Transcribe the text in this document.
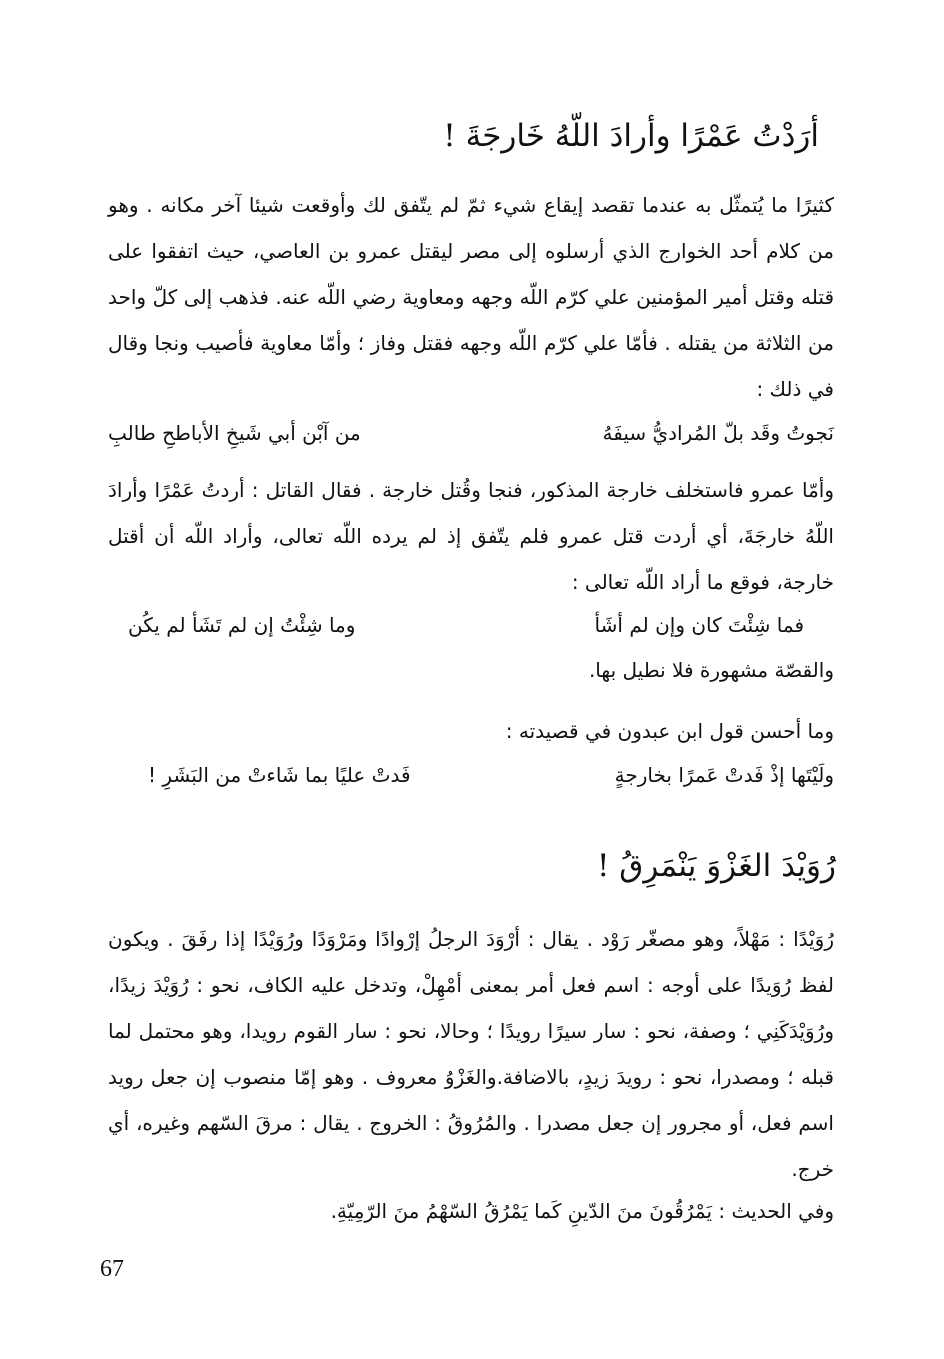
أرَدْتُ عَمْرًا وأرادَ اللّهُ خَارجَةَ !
كثيرًا ما يُتمثّل به عندما تقصد إيقاع شيء ثمّ لم يتّفق لك وأوقعت شيئا آخر مكانه . وهو من كلام أحد الخوارج الذي أرسلوه إلى مصر ليقتل عمرو بن العاصي، حيث اتفقوا على قتله وقتل أمير المؤمنين علي كرّم اللّه وجهه ومعاوية رضي اللّه عنه. فذهب إلى كلّ واحد من الثلاثة من يقتله . فأمّا علي كرّم اللّه وجهه فقتل وفاز ؛ وأمّا معاوية فأصيب ونجا وقال في ذلك :
نَجوتُ وقَد بلّ المُراديُّ سيفَهُ
من آبْن أبي شَيخِ الأباطحِ طالبِ
وأمّا عمرو فاستخلف خارجة المذكور، فنجا وقُتل خارجة . فقال القاتل : أردتُ عَمْرًا وأرادَ اللّهُ خارجَةَ، أي أردت قتل عمرو فلم يتّفق إذ لم يرده اللّه تعالى، وأراد اللّه أن أقتل خارجة، فوقع ما أراد اللّه تعالى :
فما شِئْتَ كان وإن لم أشَأ
وما شِئْتُ إن لم تَشَأ لم يكُن
والقصّة مشهورة فلا نطيل بها.
وما أحسن قول ابن عبدون في قصيدته :
ولَيْتَها إذْ فَدتْ عَمرًا بخارجةٍ
فَدتْ عليًا بما شَاءتْ من البَشَرِ !
رُوَيْدَ الغَزْوَ يَنْمَرِقُ !
رُوَيْدًا : مَهْلاً، وهو مصغّر رَوْد . يقال : أرْوَدَ الرجلُ إرْوادًا ومَرْوَدًا ورُوَيْدًا إذا رفَقَ . ويكون لفظ رُوَيدًا على أوجه : اسم فعل أمر بمعنى أمْهِلْ، وتدخل عليه الكاف، نحو : رُوَيْدَ زيدًا، ورُوَيْدَكَنِي ؛ وصفة، نحو : سار سيرًا رويدًا ؛ وحالا، نحو : سار القوم رويدا، وهو محتمل لما قبله ؛ ومصدرا، نحو : رويدَ زيدٍ، بالاضافة.والغَزْوُ معروف . وهو إمّا منصوب إن جعل رويد اسم فعل، أو مجرور إن جعل مصدرا . والمُرُوقُ : الخروج . يقال : مرقَ السّهم وغيره، أي خرج.
وفي الحديث : يَمْرُقُونَ منَ الدّينِ كَما يَمْرُقُ السّهْمُ منَ الرّمِيّةِ.
67
